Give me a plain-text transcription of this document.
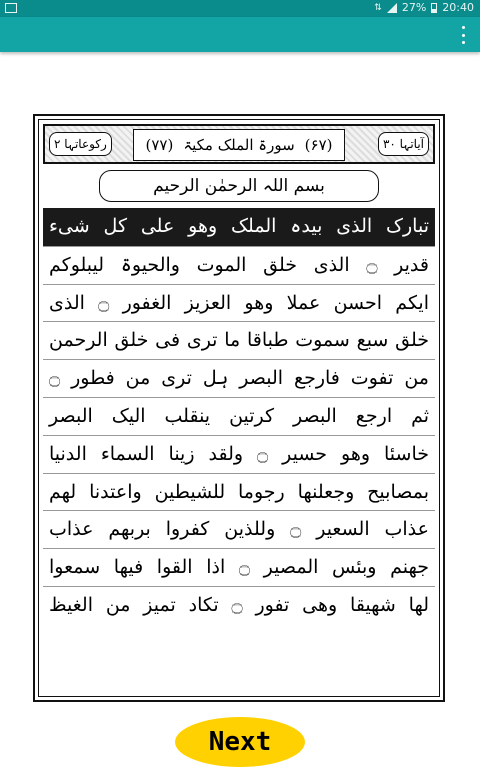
⇅ 27% 20:40
رکوعاتہا ۲	(۷۷) سورۃ الملک مکیۃ (۶۷)	آیاتہا ۳۰
بسم اللہ الرحمٰن الرحیم
تبارک الذی بیدہ الملک وھو علی کل شیء
قدیر ۝ الذی خلق الموت والحیوۃ لیبلوکم
ایکم احسن عملا وھو العزیز الغفور ۝ الذی
خلق سبع سموت طباقا ما تری فی خلق الرحمن
من تفوت فارجع البصر ہل تری من فطور ۝
ثم ارجع البصر کرتین ینقلب الیک البصر
خاسئا وھو حسیر ۝ ولقد زینا السماء الدنیا
بمصابیح وجعلنھا رجوما للشیطین واعتدنا لھم
عذاب السعیر ۝ وللذین کفروا بربھم عذاب
جھنم وبئس المصیر ۝ اذا القوا فیھا سمعوا
لھا شھیقا وھی تفور ۝ تکاد تمیز من الغیظ
Next
